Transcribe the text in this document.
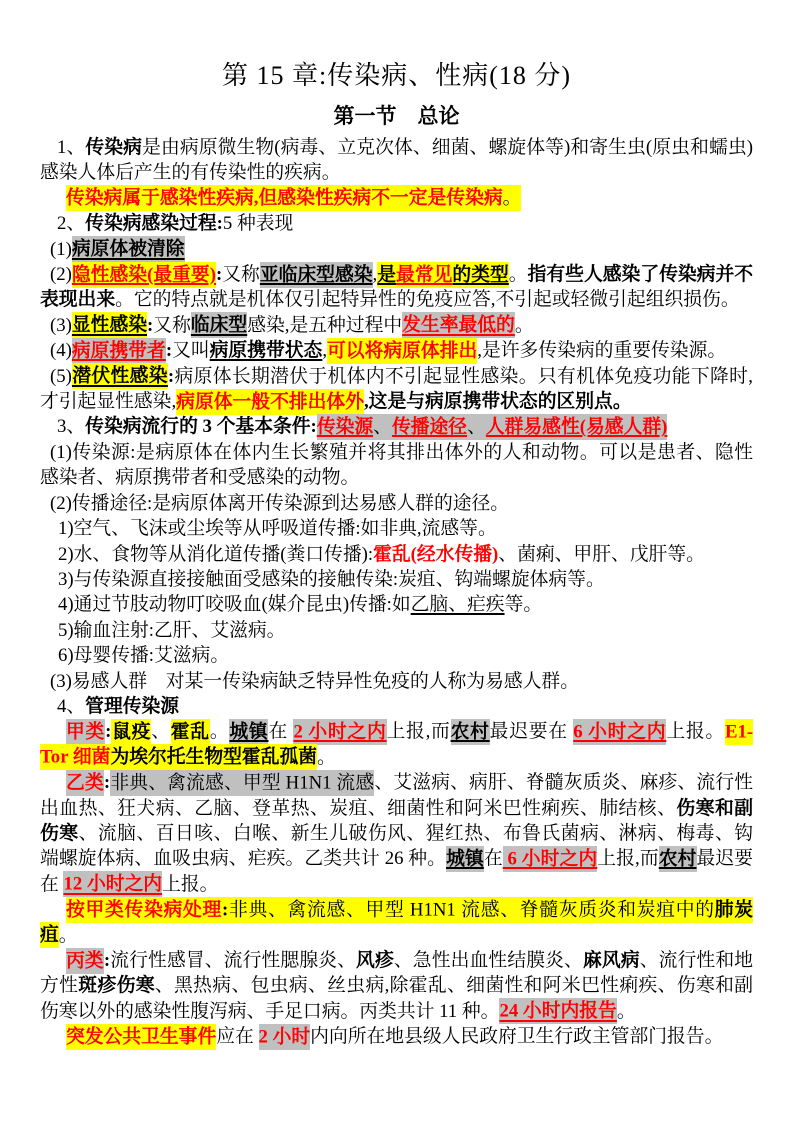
第 15 章:传染病、性病(18 分)
第一节　总论

1、传染病是由病原微生物(病毒、立克次体、细菌、螺旋体等)和寄生虫(原虫和蠕虫)感染人体后产生的有传染性的疾病。

传染病属于感染性疾病,但感染性疾病不一定是传染病。

2、传染病感染过程:5 种表现

(1)病原体被清除

(2)隐性感染(最重要):又称亚临床型感染,是最常见的类型。指有些人感染了传染病并不表现出来。它的特点就是机体仅引起特异性的免疫应答,不引起或轻微引起组织损伤。

(3)显性感染:又称临床型感染,是五种过程中发生率最低的。

(4)病原携带者:又叫病原携带状态,可以将病原体排出,是许多传染病的重要传染源。

(5)潜伏性感染:病原体长期潜伏于机体内不引起显性感染。只有机体免疫功能下降时,才引起显性感染,病原体一般不排出体外,这是与病原携带状态的区别点。

3、传染病流行的 3 个基本条件:传染源、传播途径、人群易感性(易感人群)

(1)传染源:是病原体在体内生长繁殖并将其排出体外的人和动物。可以是患者、隐性感染者、病原携带者和受感染的动物。

(2)传播途径:是病原体离开传染源到达易感人群的途径。

1)空气、飞沫或尘埃等从呼吸道传播:如非典,流感等。

2)水、食物等从消化道传播(粪口传播):霍乱(经水传播)、菌痢、甲肝、戊肝等。

3)与传染源直接接触面受感染的接触传染:炭疽、钩端螺旋体病等。

4)通过节肢动物叮咬吸血(媒介昆虫)传播:如乙脑、疟疾等。

5)输血注射:乙肝、艾滋病。

6)母婴传播:艾滋病。

(3)易感人群　对某一传染病缺乏特异性免疫的人称为易感人群。

4、管理传染源

甲类:鼠疫、霍乱。城镇在 2 小时之内上报,而农村最迟要在 6 小时之内上报。E1-Tor 细菌为埃尔托生物型霍乱孤菌。

乙类:非典、禽流感、甲型 H1N1 流感、艾滋病、病肝、脊髓灰质炎、麻疹、流行性出血热、狂犬病、乙脑、登革热、炭疽、细菌性和阿米巴性痢疾、肺结核、伤寒和副伤寒、流脑、百日咳、白喉、新生儿破伤风、猩红热、布鲁氏菌病、淋病、梅毒、钩端螺旋体病、血吸虫病、疟疾。乙类共计 26 种。城镇在 6 小时之内上报,而农村最迟要在 12 小时之内上报。

按甲类传染病处理:非典、禽流感、甲型 H1N1 流感、脊髓灰质炎和炭疽中的肺炭疽。

丙类:流行性感冒、流行性腮腺炎、风疹、急性出血性结膜炎、麻风病、流行性和地方性斑疹伤寒、黑热病、包虫病、丝虫病,除霍乱、细菌性和阿米巴性痢疾、伤寒和副伤寒以外的感染性腹泻病、手足口病。丙类共计 11 种。24 小时内报告。

突发公共卫生事件应在 2 小时内向所在地县级人民政府卫生行政主管部门报告。
